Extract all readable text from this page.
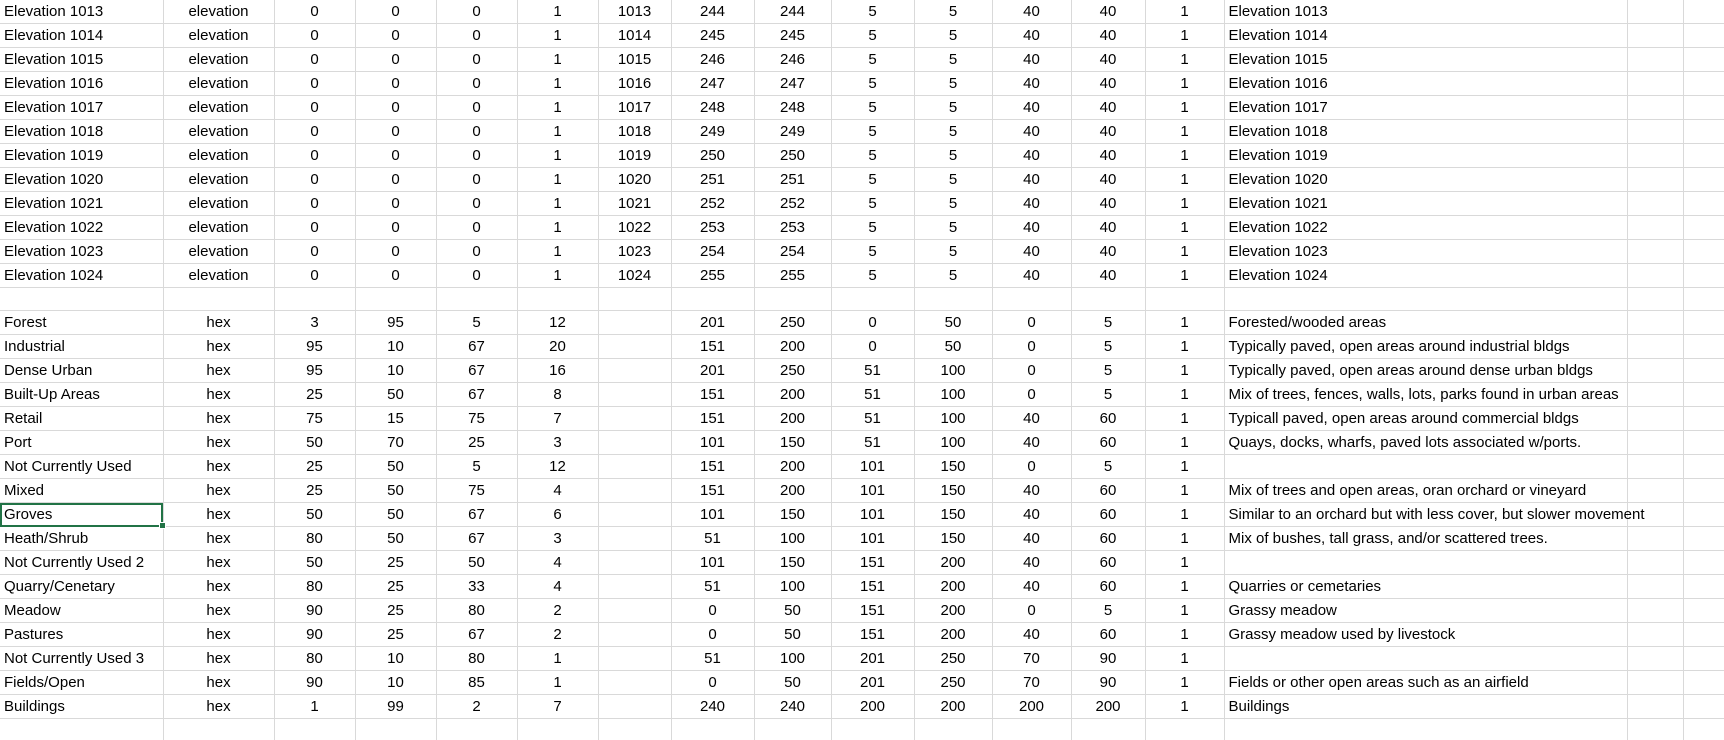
Elevation 1013	elevation	0	0	0	1	1013	244	244	5	5	40	40	1	Elevation 1013		
Elevation 1014	elevation	0	0	0	1	1014	245	245	5	5	40	40	1	Elevation 1014		
Elevation 1015	elevation	0	0	0	1	1015	246	246	5	5	40	40	1	Elevation 1015		
Elevation 1016	elevation	0	0	0	1	1016	247	247	5	5	40	40	1	Elevation 1016		
Elevation 1017	elevation	0	0	0	1	1017	248	248	5	5	40	40	1	Elevation 1017		
Elevation 1018	elevation	0	0	0	1	1018	249	249	5	5	40	40	1	Elevation 1018		
Elevation 1019	elevation	0	0	0	1	1019	250	250	5	5	40	40	1	Elevation 1019		
Elevation 1020	elevation	0	0	0	1	1020	251	251	5	5	40	40	1	Elevation 1020		
Elevation 1021	elevation	0	0	0	1	1021	252	252	5	5	40	40	1	Elevation 1021		
Elevation 1022	elevation	0	0	0	1	1022	253	253	5	5	40	40	1	Elevation 1022		
Elevation 1023	elevation	0	0	0	1	1023	254	254	5	5	40	40	1	Elevation 1023		
Elevation 1024	elevation	0	0	0	1	1024	255	255	5	5	40	40	1	Elevation 1024		

Forest	hex	3	95	5	12		201	250	0	50	0	5	1	Forested/wooded areas		
Industrial	hex	95	10	67	20		151	200	0	50	0	5	1	Typically paved, open areas around industrial bldgs		
Dense Urban	hex	95	10	67	16		201	250	51	100	0	5	1	Typically paved, open areas around dense urban bldgs		
Built-Up Areas	hex	25	50	67	8		151	200	51	100	0	5	1	Mix of trees, fences, walls, lots, parks found in urban areas		
Retail	hex	75	15	75	7		151	200	51	100	40	60	1	Typicall paved, open areas around commercial bldgs		
Port	hex	50	70	25	3		101	150	51	100	40	60	1	Quays, docks, wharfs, paved lots associated w/ports.		
Not Currently Used	hex	25	50	5	12		151	200	101	150	0	5	1			
Mixed	hex	25	50	75	4		151	200	101	150	40	60	1	Mix of trees and open areas, oran orchard or vineyard		
Groves	hex	50	50	67	6		101	150	101	150	40	60	1	Similar to an orchard but with less cover, but slower movement		
Heath/Shrub	hex	80	50	67	3		51	100	101	150	40	60	1	Mix of bushes, tall grass, and/or scattered trees.		
Not Currently Used 2	hex	50	25	50	4		101	150	151	200	40	60	1			
Quarry/Cenetary	hex	80	25	33	4		51	100	151	200	40	60	1	Quarries or cemetaries		
Meadow	hex	90	25	80	2		0	50	151	200	0	5	1	Grassy meadow		
Pastures	hex	90	25	67	2		0	50	151	200	40	60	1	Grassy meadow used by livestock		
Not Currently Used 3	hex	80	10	80	1		51	100	201	250	70	90	1			
Fields/Open	hex	90	10	85	1		0	50	201	250	70	90	1	Fields or other open areas such as an airfield		
Buildings	hex	1	99	2	7		240	240	200	200	200	200	1	Buildings		
